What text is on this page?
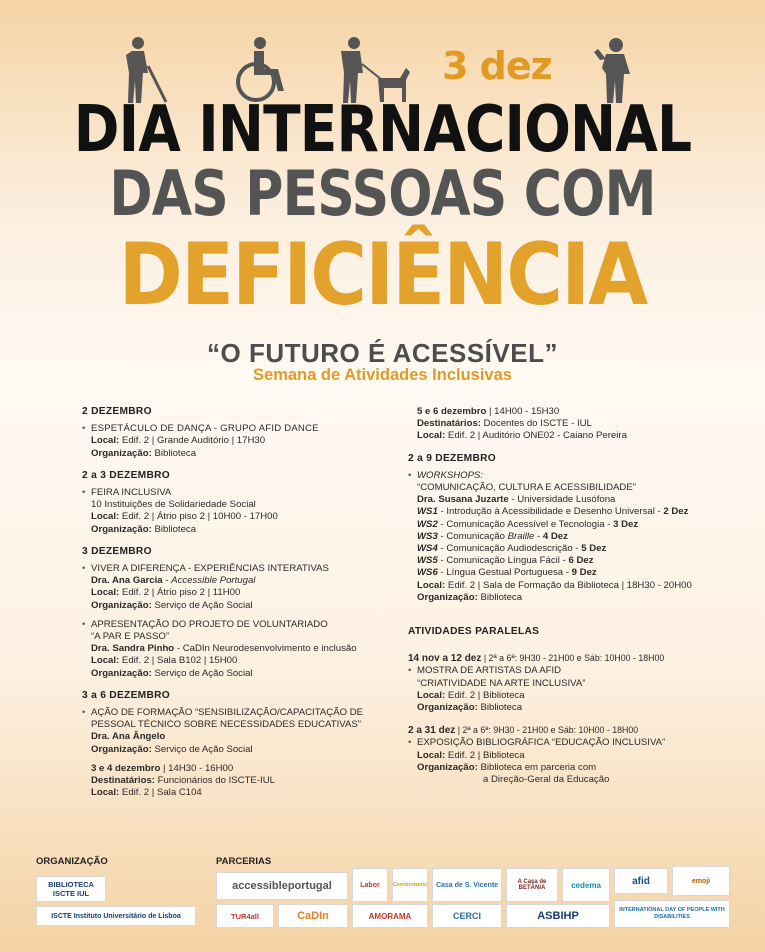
3 dez
DIA INTERNACIONAL
DAS PESSOAS COM
DEFICIÊNCIA
“O FUTURO É ACESSÍVEL”
Semana de Atividades Inclusivas
2 DEZEMBRO
• ESPETÁCULO DE DANÇA - GRUPO AFID DANCE
Local: Edif. 2 | Grande Auditório | 17H30
Organização: Biblioteca
2 a 3 DEZEMBRO
• FEIRA INCLUSIVA
10 Instituições de Solidariedade Social
Local: Edif. 2 | Átrio piso 2 | 10H00 - 17H00
Organização: Biblioteca
3 DEZEMBRO
• VIVER A DIFERENÇA - EXPERIÊNCIAS INTERATIVAS
Dra. Ana Garcia - Accessible Portugal
Local: Edif. 2 | Átrio piso 2 | 11H00
Organização: Serviço de Ação Social
• APRESENTAÇÃO DO PROJETO DE VOLUNTARIADO
“A PAR E PASSO”
Dra. Sandra Pinho - CaDIn Neurodesenvolvimento e inclusão
Local: Edif. 2 | Sala B102 | 15H00
Organização: Serviço de Ação Social
3 a 6 DEZEMBRO
• AÇÃO DE FORMAÇÃO “SENSIBILIZAÇÃO/CAPACITAÇÃO DE
PESSOAL TÉCNICO SOBRE NECESSIDADES EDUCATIVAS”
Dra. Ana Ângelo
Organização: Serviço de Ação Social
3 e 4 dezembro | 14H30 - 16H00
Destinatários: Funcionários do ISCTE-IUL
Local: Edif. 2 | Sala C104
5 e 6 dezembro | 14H00 - 15H30
Destinatários: Docentes do ISCTE - IUL
Local: Edif. 2 | Auditório ONE02 - Caiano Pereira
2 a 9 DEZEMBRO
• WORKSHOPS:
“COMUNICAÇÃO, CULTURA E ACESSIBILIDADE”
Dra. Susana Juzarte - Universidade Lusófona
WS1 - Introdução à Acessibilidade e Desenho Universal - 2 Dez
WS2 - Comunicação Acessível e Tecnologia - 3 Dez
WS3 - Comunicação Braille - 4 Dez
WS4 - Comunicação Audiodescrição - 5 Dez
WS5 - Comunicação Língua Fácil - 6 Dez
WS6 - Língua Gestual Portuguesa - 9 Dez
Local: Edif. 2 | Sala de Formação da Biblioteca | 18H30 - 20H00
Organização: Biblioteca
ATIVIDADES PARALELAS
14 nov a 12 dez | 2ª a 6ª: 9H30 - 21H00 e Sáb: 10H00 - 18H00
• MOSTRA DE ARTISTAS DA AFID
“CRIATIVIDADE NA ARTE INCLUSIVA”
Local: Edif. 2 | Biblioteca
Organização: Biblioteca
2 a 31 dez | 2ª a 6ª: 9H30 - 21H00 e Sáb: 10H00 - 18H00
• EXPOSIÇÃO BIBLIOGRÁFICA “EDUCAÇÃO INCLUSIVA”
Local: Edif. 2 | Biblioteca
Organização: Biblioteca em parceria com
a Direção-Geral da Educação
ORGANIZAÇÃO	PARCERIAS
BIBLIOTECA ISCTE IUL
ISCTE Instituto Universitário de Lisboa
accessibleportugal	Labor	Cerebrotonic	Casa de S. Vicente	A Casa de BETÂNIA	cedema	afid	emoji
TUR4all	CaDIn	AMORAMA	CERCI	ASBIHP	INTERNATIONAL DAY OF PEOPLE WITH DISABILITIES
